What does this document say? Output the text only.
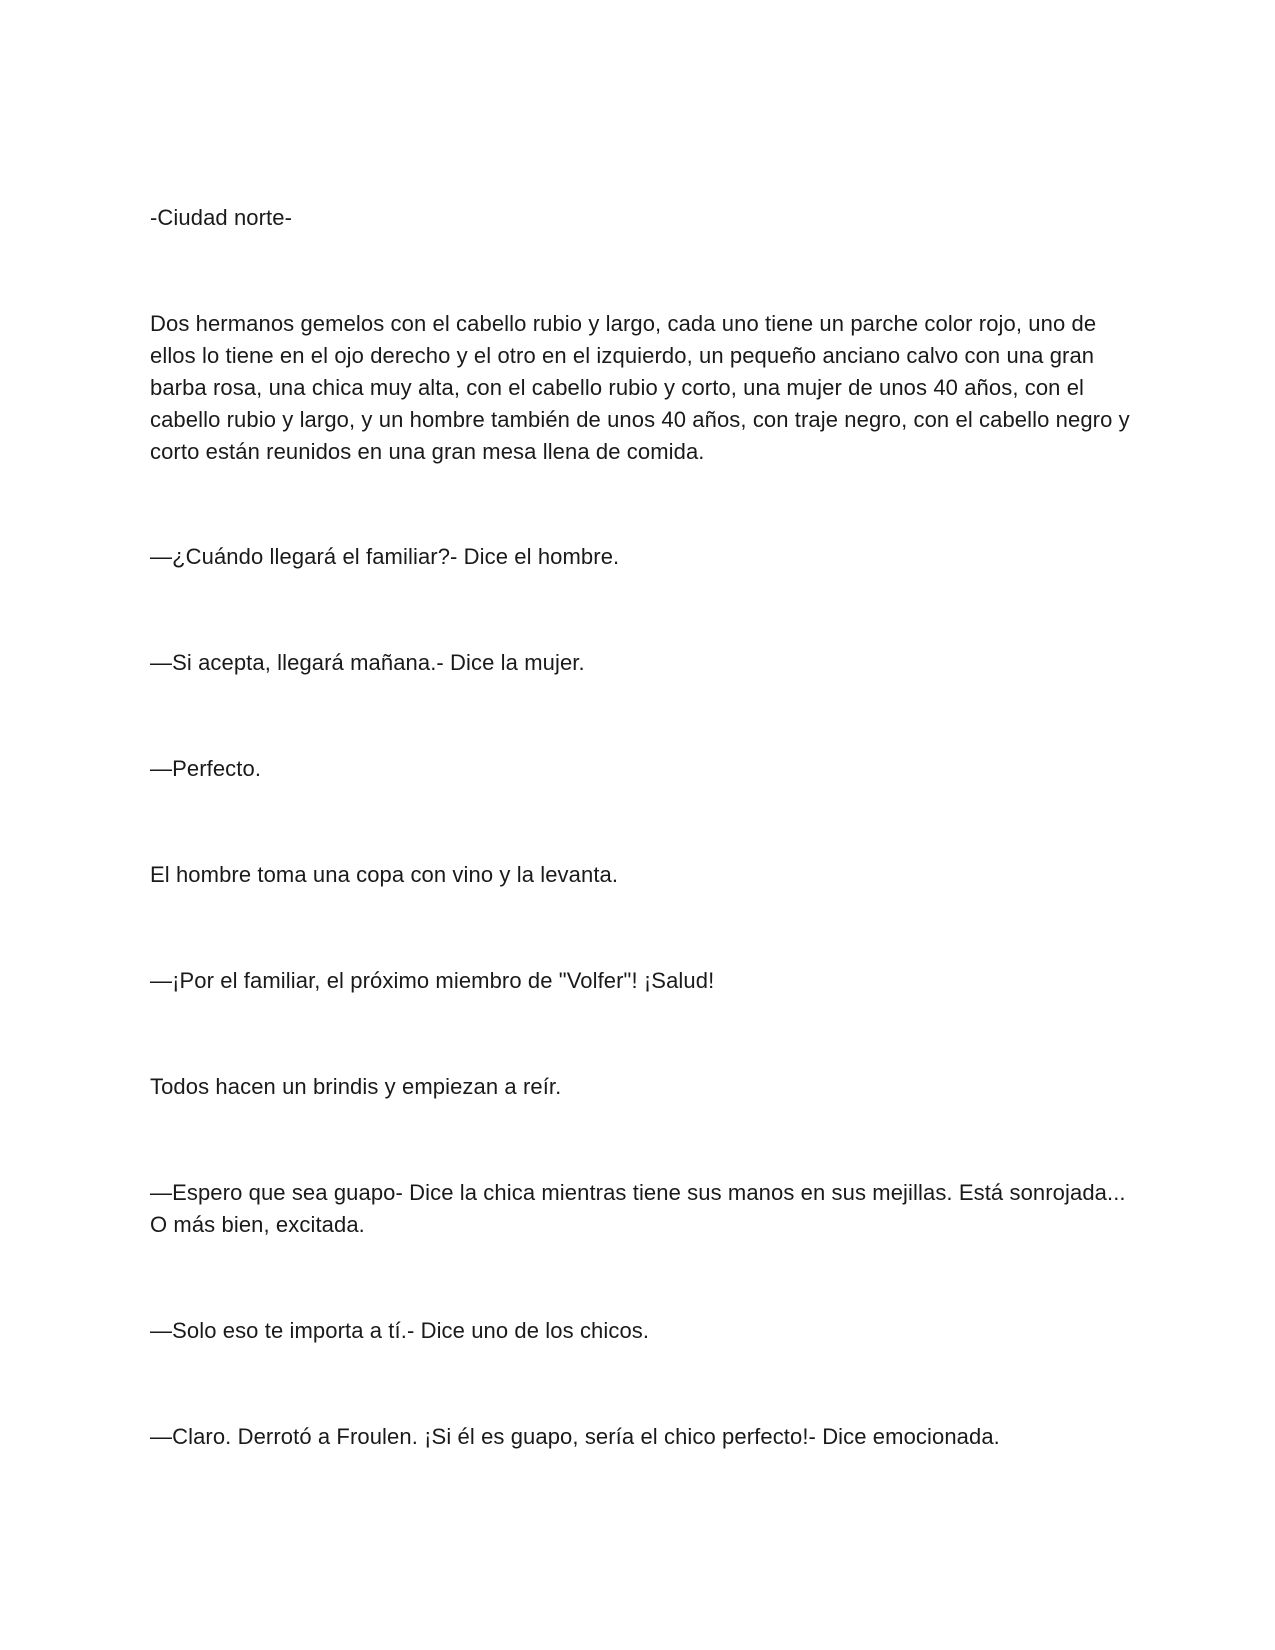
-Ciudad norte-

Dos hermanos gemelos con el cabello rubio y largo, cada uno tiene un parche color rojo, uno de ellos lo tiene en el ojo derecho y el otro en el izquierdo, un pequeño anciano calvo con una gran barba rosa, una chica muy alta, con el cabello rubio y corto, una mujer de unos 40 años, con el cabello rubio y largo, y un hombre también de unos 40 años, con traje negro, con el cabello negro y corto están reunidos en una gran mesa llena de comida.

—¿Cuándo llegará el familiar?- Dice el hombre.

—Si acepta, llegará mañana.- Dice la mujer.

—Perfecto.

El hombre toma una copa con vino y la levanta.

—¡Por el familiar, el próximo miembro de "Volfer"! ¡Salud!

Todos hacen un brindis y empiezan a reír.

—Espero que sea guapo- Dice la chica mientras tiene sus manos en sus mejillas. Está sonrojada... O más bien, excitada.

—Solo eso te importa a tí.- Dice uno de los chicos.

—Claro. Derrotó a Froulen. ¡Si él es guapo, sería el chico perfecto!- Dice emocionada.
